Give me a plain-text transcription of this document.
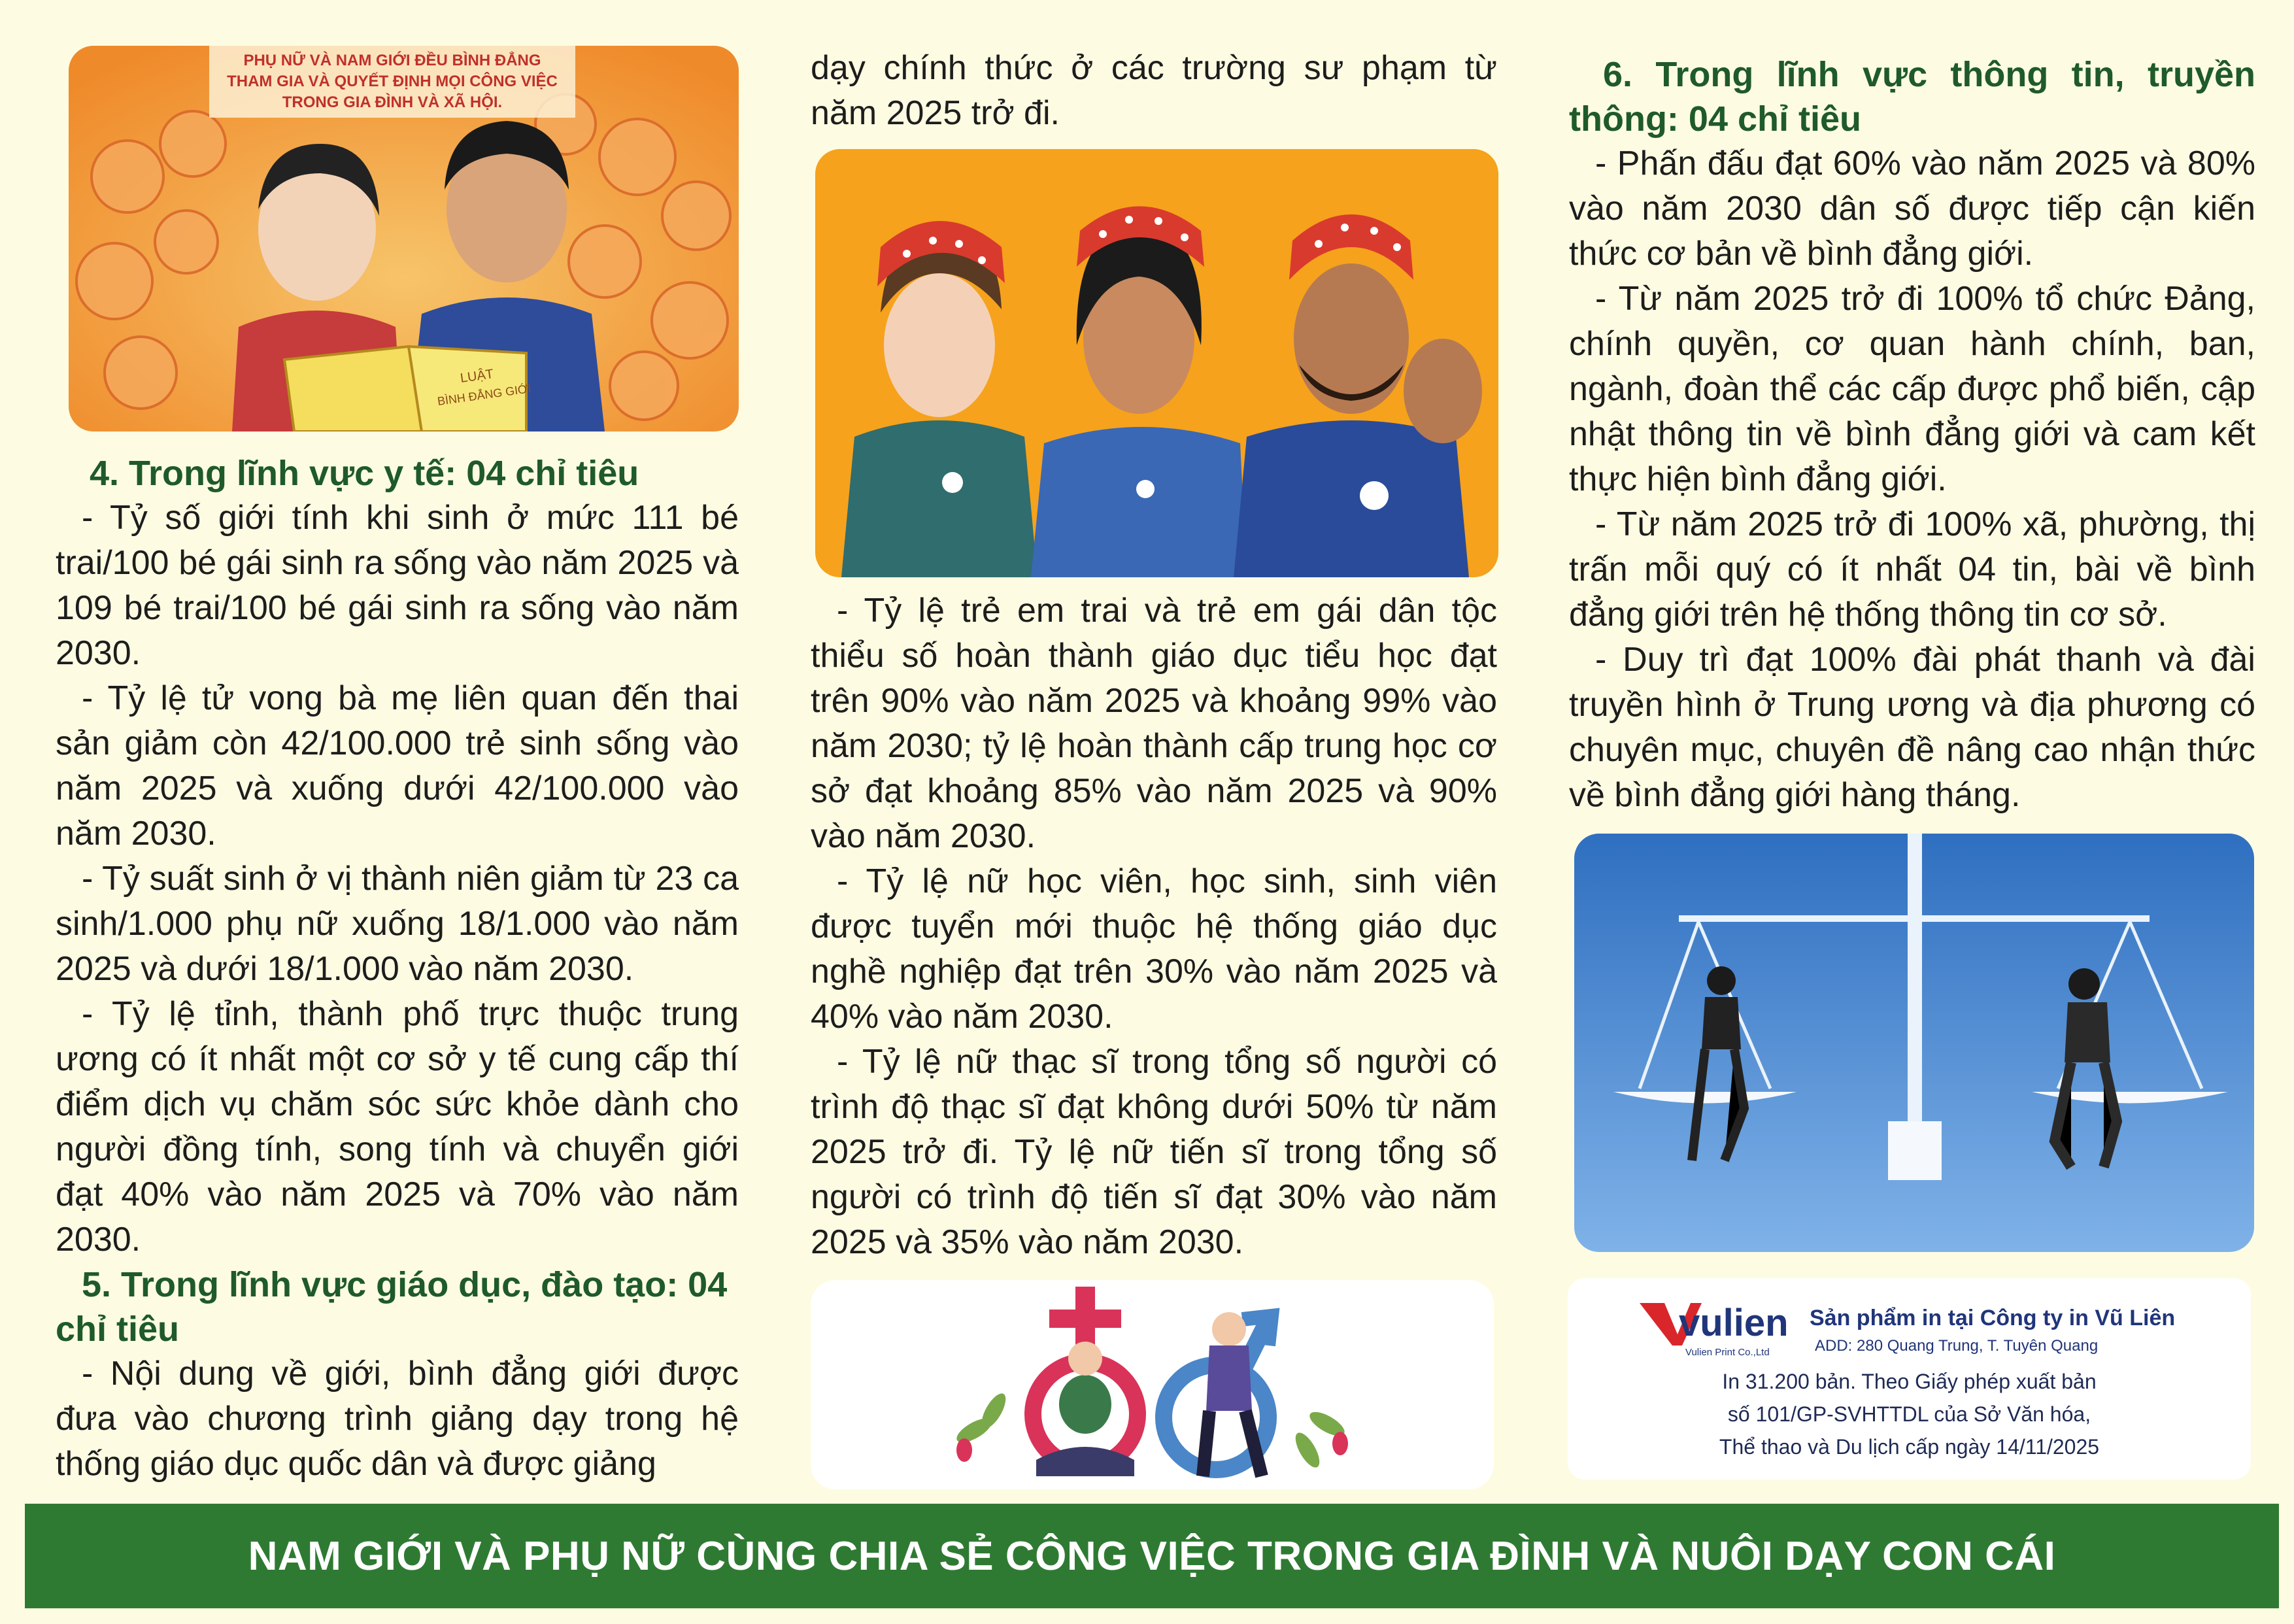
PHỤ NỮ VÀ NAM GIỚI ĐỀU BÌNH ĐẲNG
THAM GIA VÀ QUYẾT ĐỊNH MỌI CÔNG VIỆC
TRONG GIA ĐÌNH VÀ XÃ HỘI.
LUẬT
BÌNH ĐẲNG GIỚI

4. Trong lĩnh vực y tế: 04 chỉ tiêu

- Tỷ số giới tính khi sinh ở mức 111 bé trai/100 bé gái sinh ra sống vào năm 2025 và 109 bé trai/100 bé gái sinh ra sống vào năm 2030.

- Tỷ lệ tử vong bà mẹ liên quan đến thai sản giảm còn 42/100.000 trẻ sinh sống vào năm 2025 và xuống dưới 42/100.000 vào năm 2030.

- Tỷ suất sinh ở vị thành niên giảm từ 23 ca sinh/1.000 phụ nữ xuống 18/1.000 vào năm 2025 và dưới 18/1.000 vào năm 2030.

- Tỷ lệ tỉnh, thành phố trực thuộc trung ương có ít nhất một cơ sở y tế cung cấp thí điểm dịch vụ chăm sóc sức khỏe dành cho người đồng tính, song tính và chuyển giới đạt 40% vào năm 2025 và 70% vào năm 2030.

5. Trong lĩnh vực giáo dục, đào tạo: 04 chỉ tiêu

- Nội dung về giới, bình đẳng giới được đưa vào chương trình giảng dạy trong hệ thống giáo dục quốc dân và được giảng

dạy chính thức ở các trường sư phạm từ năm 2025 trở đi.

- Tỷ lệ trẻ em trai và trẻ em gái dân tộc thiểu số hoàn thành giáo dục tiểu học đạt trên 90% vào năm 2025 và khoảng 99% vào năm 2030; tỷ lệ hoàn thành cấp trung học cơ sở đạt khoảng 85% vào năm 2025 và 90% vào năm 2030.

- Tỷ lệ nữ học viên, học sinh, sinh viên được tuyển mới thuộc hệ thống giáo dục nghề nghiệp đạt trên 30% vào năm 2025 và 40% vào năm 2030.

- Tỷ lệ nữ thạc sĩ trong tổng số người có trình độ thạc sĩ đạt không dưới 50% từ năm 2025 trở đi. Tỷ lệ nữ tiến sĩ trong tổng số người có trình độ tiến sĩ đạt 30% vào năm 2025 và 35% vào năm 2030.

6. Trong lĩnh vực thông tin, truyền thông: 04 chỉ tiêu

- Phấn đấu đạt 60% vào năm 2025 và 80% vào năm 2030 dân số được tiếp cận kiến thức cơ bản về bình đẳng giới.

- Từ năm 2025 trở đi 100% tổ chức Đảng, chính quyền, cơ quan hành chính, ban, ngành, đoàn thể các cấp được phổ biến, cập nhật thông tin về bình đẳng giới và cam kết thực hiện bình đẳng giới.

- Từ năm 2025 trở đi 100% xã, phường, thị trấn mỗi quý có ít nhất 04 tin, bài về bình đẳng giới trên hệ thống thông tin cơ sở.

- Duy trì đạt 100% đài phát thanh và đài truyền hình ở Trung ương và địa phương có chuyên mục, chuyên đề nâng cao nhận thức về bình đẳng giới hàng tháng.

vulien
Vulien Print Co.,Ltd
Sản phẩm in tại Công ty in Vũ Liên
ADD: 280 Quang Trung, T. Tuyên Quang
In 31.200 bản. Theo Giấy phép xuất bản
số 101/GP-SVHTTDL của Sở Văn hóa,
Thể thao và Du lịch cấp ngày 14/11/2025
NAM GIỚI VÀ PHỤ NỮ CÙNG CHIA SẺ CÔNG VIỆC TRONG GIA ĐÌNH VÀ NUÔI DẠY CON CÁI
